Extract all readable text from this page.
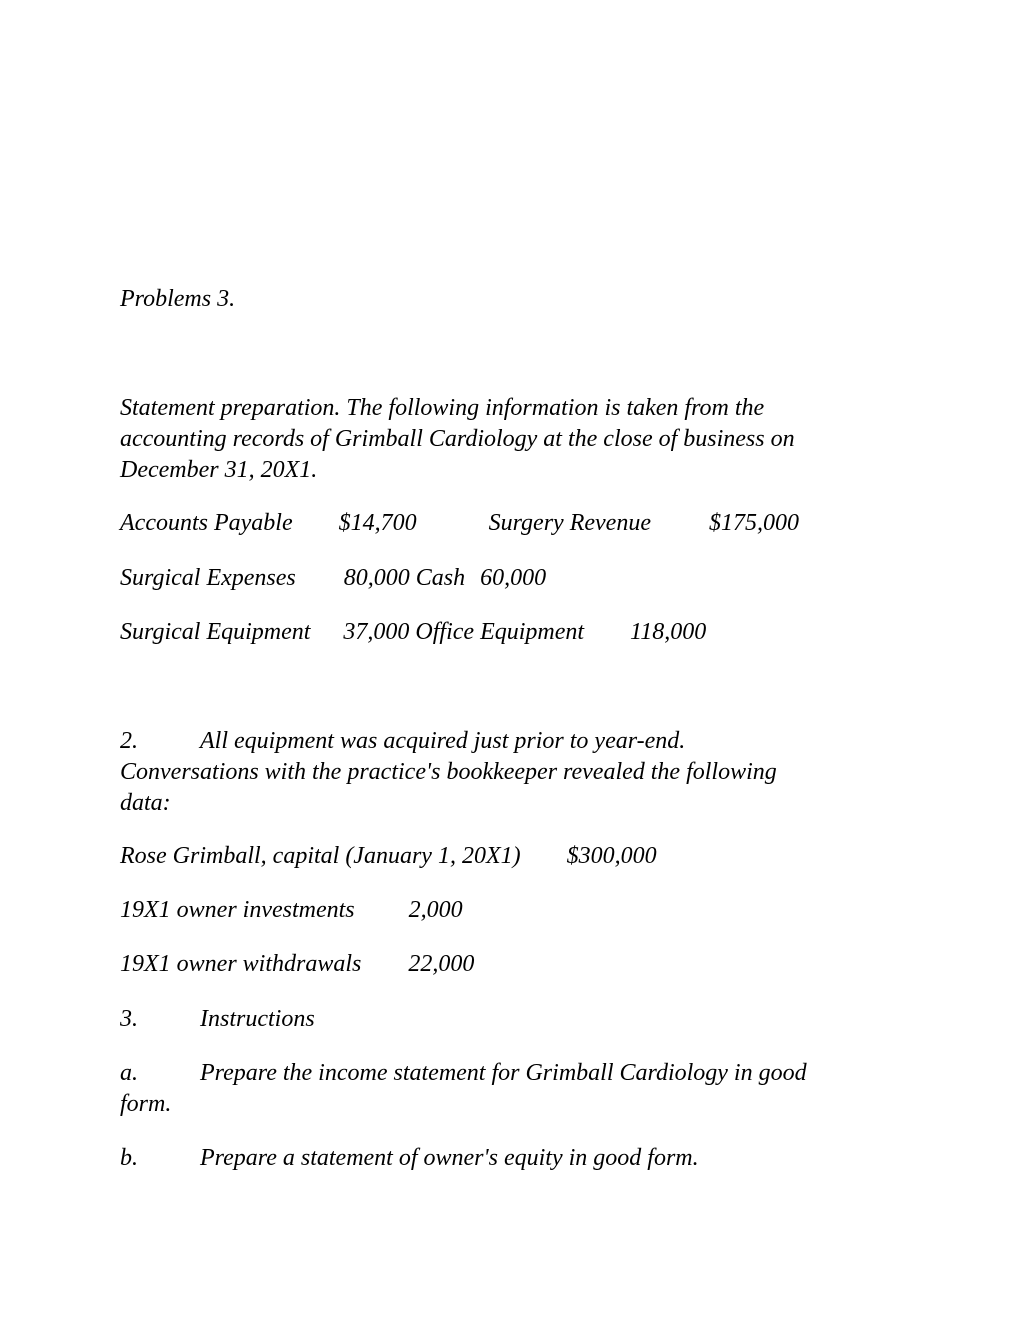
Problems 3.
Statement preparation. The following information is taken from the
accounting records of Grimball Cardiology at the close of business on
December 31, 20X1.
Accounts Payable $14,700	Surgery Revenue $175,000
Surgical Expenses 80,000 Cash 60,000
Surgical Equipment 37,000 Office Equipment 118,000
2.	All equipment was acquired just prior to year-end.
Conversations with the practice's bookkeeper revealed the following
data:
Rose Grimball, capital (January 1, 20X1) $300,000
19X1 owner investments 2,000
19X1 owner withdrawals 22,000
3.	Instructions
a.	Prepare the income statement for Grimball Cardiology in good
form.
b.	Prepare a statement of owner's equity in good form.
